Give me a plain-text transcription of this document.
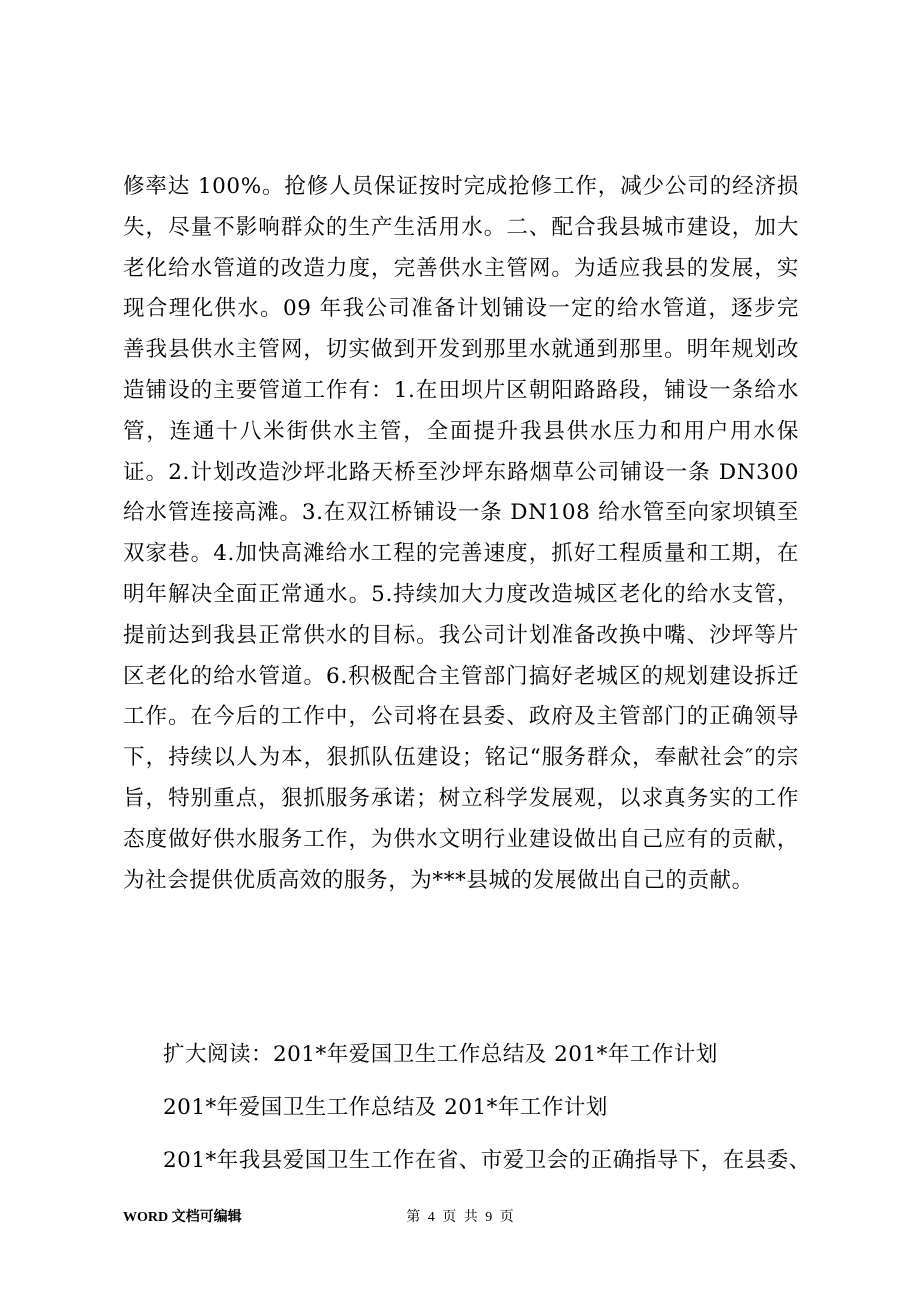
修率达 100%。抢修人员保证按时完成抢修工作，减少公司的经济损失，尽量不影响群众的生产生活用水。二、配合我县城市建设，加大老化给水管道的改造力度，完善供水主管网。为适应我县的发展，实现合理化供水。09 年我公司准备计划铺设一定的给水管道，逐步完善我县供水主管网，切实做到开发到那里水就通到那里。明年规划改造铺设的主要管道工作有：1.在田坝片区朝阳路路段，铺设一条给水管，连通十八米街供水主管，全面提升我县供水压力和用户用水保证。2.计划改造沙坪北路天桥至沙坪东路烟草公司铺设一条 DN300 给水管连接高滩。3.在双江桥铺设一条 DN108 给水管至向家坝镇至双家巷。4.加快高滩给水工程的完善速度，抓好工程质量和工期，在明年解决全面正常通水。5.持续加大力度改造城区老化的给水支管，提前达到我县正常供水的目标。我公司计划准备改换中嘴、沙坪等片区老化的给水管道。6.积极配合主管部门搞好老城区的规划建设拆迁工作。在今后的工作中，公司将在县委、政府及主管部门的正确领导下，持续以人为本，狠抓队伍建设；铭记“服务群众，奉献社会″的宗旨，特别重点，狠抓服务承诺；树立科学发展观，以求真务实的工作态度做好供水服务工作，为供水文明行业建设做出自己应有的贡献，为社会提供优质高效的服务，为***县城的发展做出自己的贡献。

扩大阅读：201*年爱国卫生工作总结及 201*年工作计划

201*年爱国卫生工作总结及 201*年工作计划

201*年我县爱国卫生工作在省、市爱卫会的正确指导下，在县委、

WORD 文档可编辑	第 4 页 共 9 页
